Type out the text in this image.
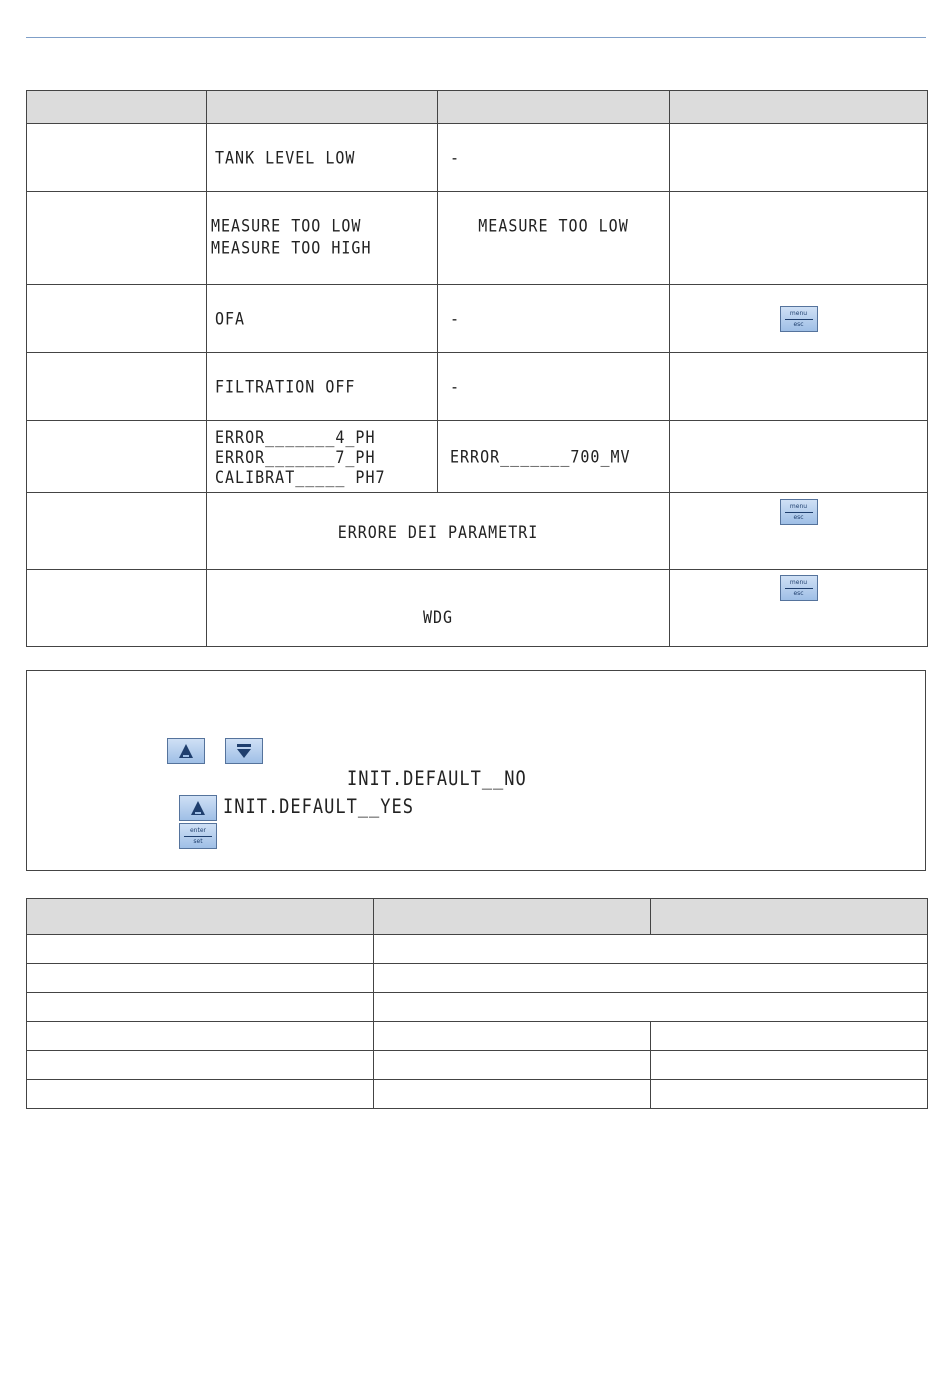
	TANK LEVEL LOW	-	
	MEASURE TOO LOW
MEASURE TOO HIGH	MEASURE TOO LOW	
	OFA	-	menu
esc

	FILTRATION OFF	-	
	ERROR_______4_PH
ERROR_______7_PH
CALIBRAT_____ PH7	ERROR_______700_MV	
	ERRORE DEI PARAMETRI		menu
esc

	WDG		menu
esc
INIT.DEFAULT__NO
INIT.DEFAULT__YES
enter
set
